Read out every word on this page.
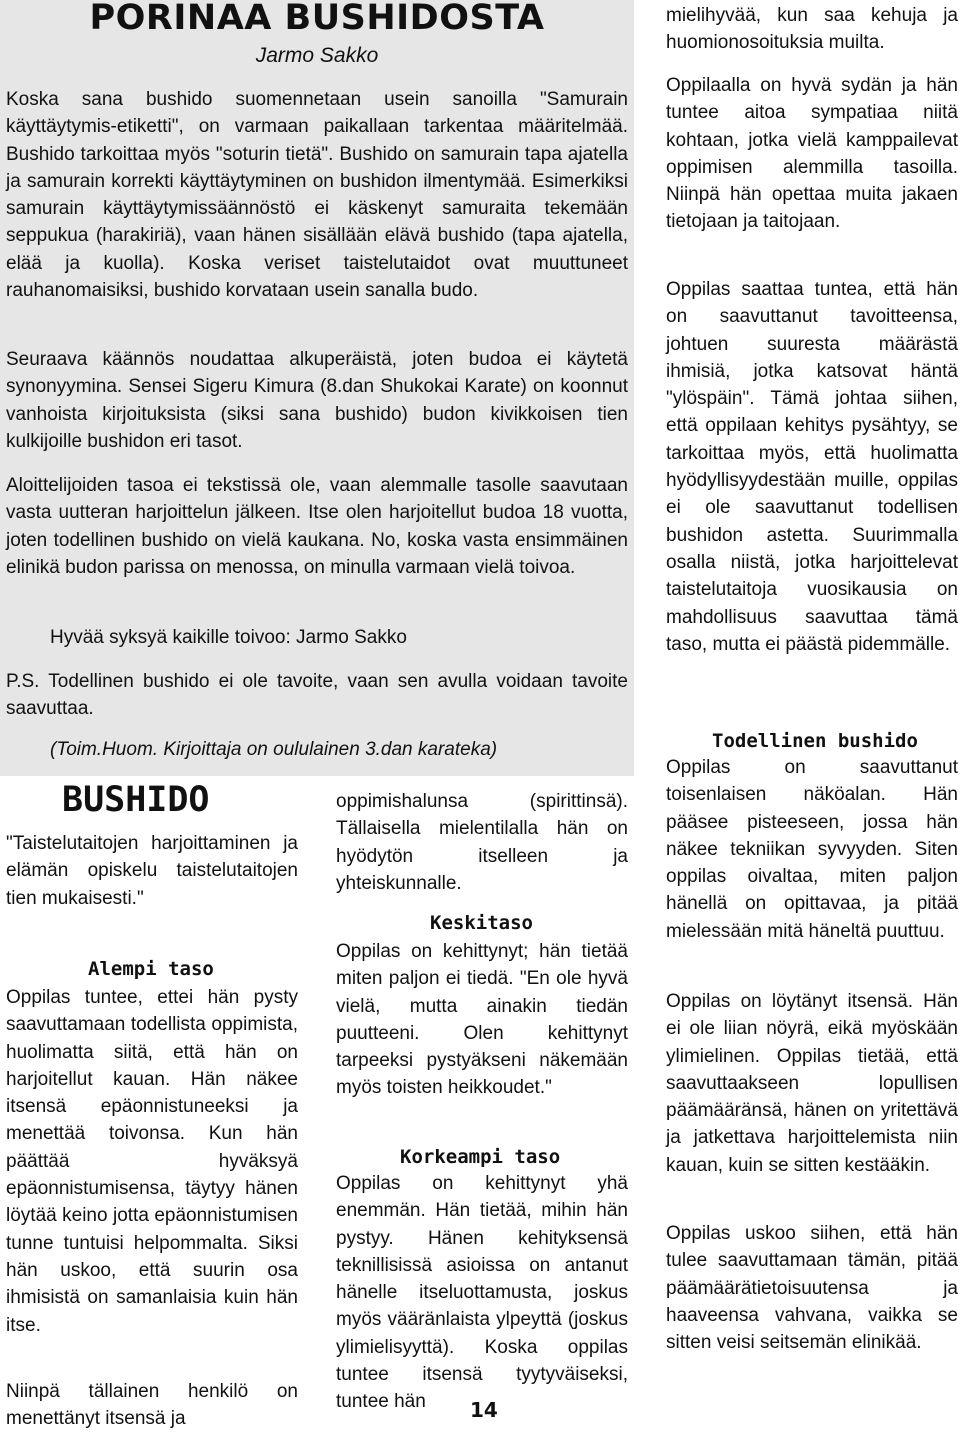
PORINAA BUSHIDOSTA

Jarmo Sakko

Koska sana bushido suomennetaan usein sanoilla "Samurain käyttäytymis-etiketti", on varmaan paikallaan tarkentaa määritelmää. Bushido tarkoittaa myös "soturin tietä". Bushido on samurain tapa ajatella ja samurain korrekti käyttäytyminen on bushidon ilmentymää. Esimerkiksi samurain käyttäytymissäännöstö ei käskenyt samuraita tekemään seppukua (harakiriä), vaan hänen sisällään elävä bushido (tapa ajatella, elää ja kuolla). Koska veriset taistelutaidot ovat muuttuneet rauhanomaisiksi, bushido korvataan usein sanalla budo.

Seuraava käännös noudattaa alkuperäistä, joten budoa ei käytetä synonyymina. Sensei Sigeru Kimura (8.dan Shukokai Karate) on koonnut vanhoista kirjoituksista (siksi sana bushido) budon kivikkoisen tien kulkijoille bushidon eri tasot.

Aloittelijoiden tasoa ei tekstissä ole, vaan alemmalle tasolle saavutaan vasta uutteran harjoittelun jälkeen. Itse olen harjoitellut budoa 18 vuotta, joten todellinen bushido on vielä kaukana. No, koska vasta ensimmäinen elinikä budon parissa on menossa, on minulla varmaan vielä toivoa.

Hyvää syksyä kaikille toivoo: Jarmo Sakko

P.S. Todellinen bushido ei ole tavoite, vaan sen avulla voidaan tavoite saavuttaa.

(Toim.Huom. Kirjoittaja on oululainen 3.dan karateka)

BUSHIDO

"Taistelutaitojen harjoittaminen ja elämän opiskelu taistelutaitojen tien mukaisesti."

Alempi taso

Oppilas tuntee, ettei hän pysty saavuttamaan todellista oppimista, huolimatta siitä, että hän on harjoitellut kauan. Hän näkee itsensä epäonnistuneeksi ja menettää toivonsa. Kun hän päättää hyväksyä epäonnistumisensa, täytyy hänen löytää keino jotta epäonnistumisen tunne tuntuisi helpommalta. Siksi hän uskoo, että suurin osa ihmisistä on samanlaisia kuin hän itse.

Niinpä tällainen henkilö on menettänyt itsensä ja

oppimishalunsa (spirittinsä). Tällaisella mielentilalla hän on hyödytön itselleen ja yhteiskunnalle.

Keskitaso

Oppilas on kehittynyt; hän tietää miten paljon ei tiedä. "En ole hyvä vielä, mutta ainakin tiedän puutteeni. Olen kehittynyt tarpeeksi pystyäkseni näkemään myös toisten heikkoudet."

Korkeampi taso

Oppilas on kehittynyt yhä enemmän. Hän tietää, mihin hän pystyy. Hänen kehityksensä teknillisissä asioissa on antanut hänelle itseluottamusta, joskus myös vääränlaista ylpeyttä (joskus ylimielisyyttä). Koska oppilas tuntee itsensä tyytyväiseksi, tuntee hän

mielihyvää, kun saa kehuja ja huomionosoituksia muilta.

Oppilaalla on hyvä sydän ja hän tuntee aitoa sympatiaa niitä kohtaan, jotka vielä kamppailevat oppimisen alemmilla tasoilla. Niinpä hän opettaa muita jakaen tietojaan ja taitojaan.

Oppilas saattaa tuntea, että hän on saavuttanut tavoitteensa, johtuen suuresta määrästä ihmisiä, jotka katsovat häntä "ylöspäin". Tämä johtaa siihen, että oppilaan kehitys pysähtyy, se tarkoittaa myös, että huolimatta hyödyllisyydestään muille, oppilas ei ole saavuttanut todellisen bushidon astetta. Suurimmalla osalla niistä, jotka harjoittelevat taistelutaitoja vuosikausia on mahdollisuus saavuttaa tämä taso, mutta ei päästä pidemmälle.

Todellinen bushido

Oppilas on saavuttanut toisenlaisen näköalan. Hän pääsee pisteeseen, jossa hän näkee tekniikan syvyyden. Siten oppilas oivaltaa, miten paljon hänellä on opittavaa, ja pitää mielessään mitä häneltä puuttuu.

Oppilas on löytänyt itsensä. Hän ei ole liian nöyrä, eikä myöskään ylimielinen. Oppilas tietää, että saavuttaakseen lopullisen päämääränsä, hänen on yritettävä ja jatkettava harjoittelemista niin kauan, kuin se sitten kestääkin.

Oppilas uskoo siihen, että hän tulee saavuttamaan tämän, pitää päämäärätietoisuutensa ja haaveensa vahvana, vaikka se sitten veisi seitsemän elinikää.

14
